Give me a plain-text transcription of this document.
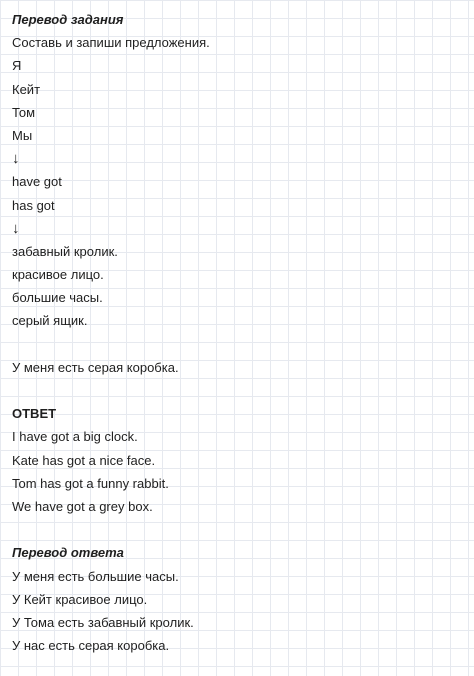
Перевод задания
Составь и запиши предложения.
Я
Кейт
Том
Мы
↓
have got
has got
↓
забавный кролик.
красивое лицо.
большие часы.
серый ящик.
У меня есть серая коробка.
ОТВЕТ
I have got a big clock.
Kate has got a nice face.
Tom has got a funny rabbit.
We have got a grey box.
Перевод ответа
У меня есть большие часы.
У Кейт красивое лицо.
У Тома есть забавный кролик.
У нас есть серая коробка.
